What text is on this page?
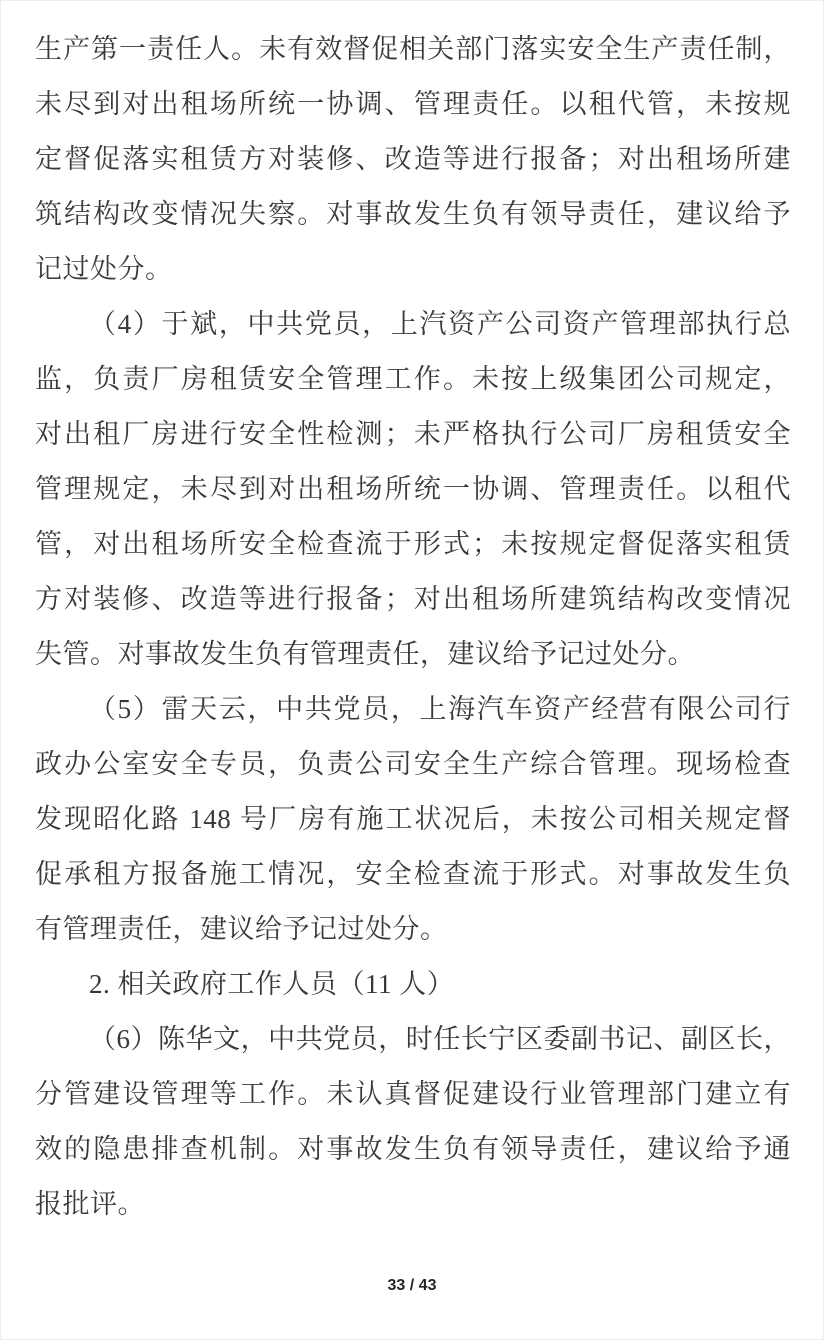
生产第一责任人。未有效督促相关部门落实安全生产责任制，
未尽到对出租场所统一协调、管理责任。以租代管，未按规
定督促落实租赁方对装修、改造等进行报备；对出租场所建
筑结构改变情况失察。对事故发生负有领导责任，建议给予
记过处分。
（4）于斌，中共党员，上汽资产公司资产管理部执行总
监，负责厂房租赁安全管理工作。未按上级集团公司规定，
对出租厂房进行安全性检测；未严格执行公司厂房租赁安全
管理规定，未尽到对出租场所统一协调、管理责任。以租代
管，对出租场所安全检查流于形式；未按规定督促落实租赁
方对装修、改造等进行报备；对出租场所建筑结构改变情况
失管。对事故发生负有管理责任，建议给予记过处分。
（5）雷天云，中共党员，上海汽车资产经营有限公司行
政办公室安全专员，负责公司安全生产综合管理。现场检查
发现昭化路 148 号厂房有施工状况后，未按公司相关规定督
促承租方报备施工情况，安全检查流于形式。对事故发生负
有管理责任，建议给予记过处分。
2. 相关政府工作人员（11 人）
（6）陈华文，中共党员，时任长宁区委副书记、副区长，
分管建设管理等工作。未认真督促建设行业管理部门建立有
效的隐患排查机制。对事故发生负有领导责任，建议给予通
报批评。
33 / 43
